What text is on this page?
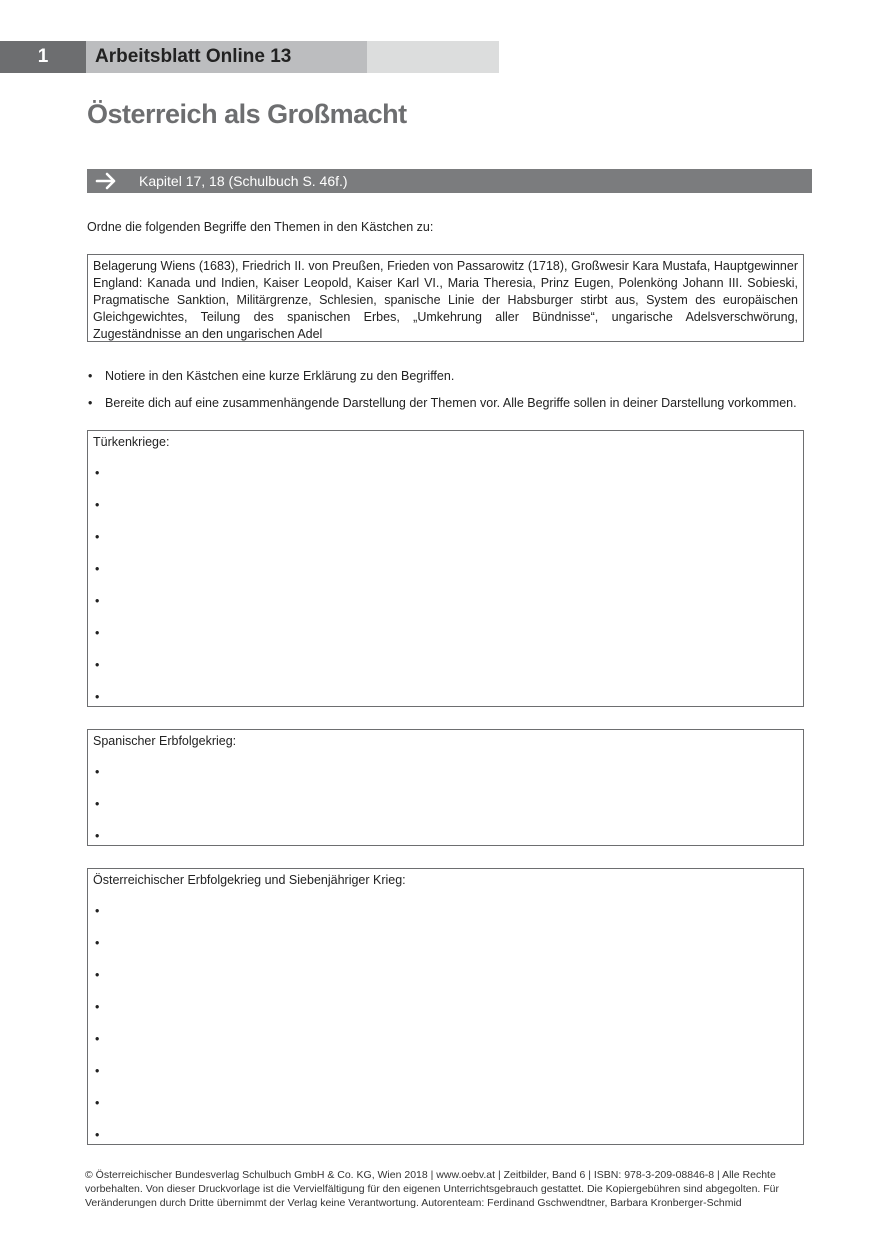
1	Arbeitsblatt Online 13
Österreich als Großmacht
Kapitel 17, 18 (Schulbuch S. 46f.)
Ordne die folgenden Begriffe den Themen in den Kästchen zu:
Belagerung Wiens (1683), Friedrich II. von Preußen, Frieden von Passarowitz (1718), Großwesir Kara Mustafa, Hauptgewinner England: Kanada und Indien, Kaiser Leopold, Kaiser Karl VI., Maria Theresia, Prinz Eugen, Polenköng Johann III. Sobieski, Pragmatische Sanktion, Militärgrenze, Schlesien, spanische Linie der Habsburger stirbt aus, System des europäischen Gleichgewichtes, Teilung des spanischen Erbes, „Umkehrung aller Bündnisse“, ungarische Adelsverschwörung, Zugeständnisse an den ungarischen Adel
• Notiere in den Kästchen eine kurze Erklärung zu den Begriffen.
• Bereite dich auf eine zusammenhängende Darstellung der Themen vor. Alle Begriffe sollen in deiner Darstellung vorkommen.
Türkenkriege:
•
•
•
•
•
•
•
•
Spanischer Erbfolgekrieg:
•
•
•
Österreichischer Erbfolgekrieg und Siebenjähriger Krieg:
•
•
•
•
•
•
•
•
© Österreichischer Bundesverlag Schulbuch GmbH & Co. KG, Wien 2018 | www.oebv.at | Zeitbilder, Band 6 | ISBN: 978-3-209-08846-8 | Alle Rechte vorbehalten. Von dieser Druckvorlage ist die Vervielfältigung für den eigenen Unterrichtsgebrauch gestattet. Die Kopiergebühren sind abgegolten. Für Veränderungen durch Dritte übernimmt der Verlag keine Verantwortung. Autorenteam: Ferdinand Gschwendtner, Barbara Kronberger-Schmid
